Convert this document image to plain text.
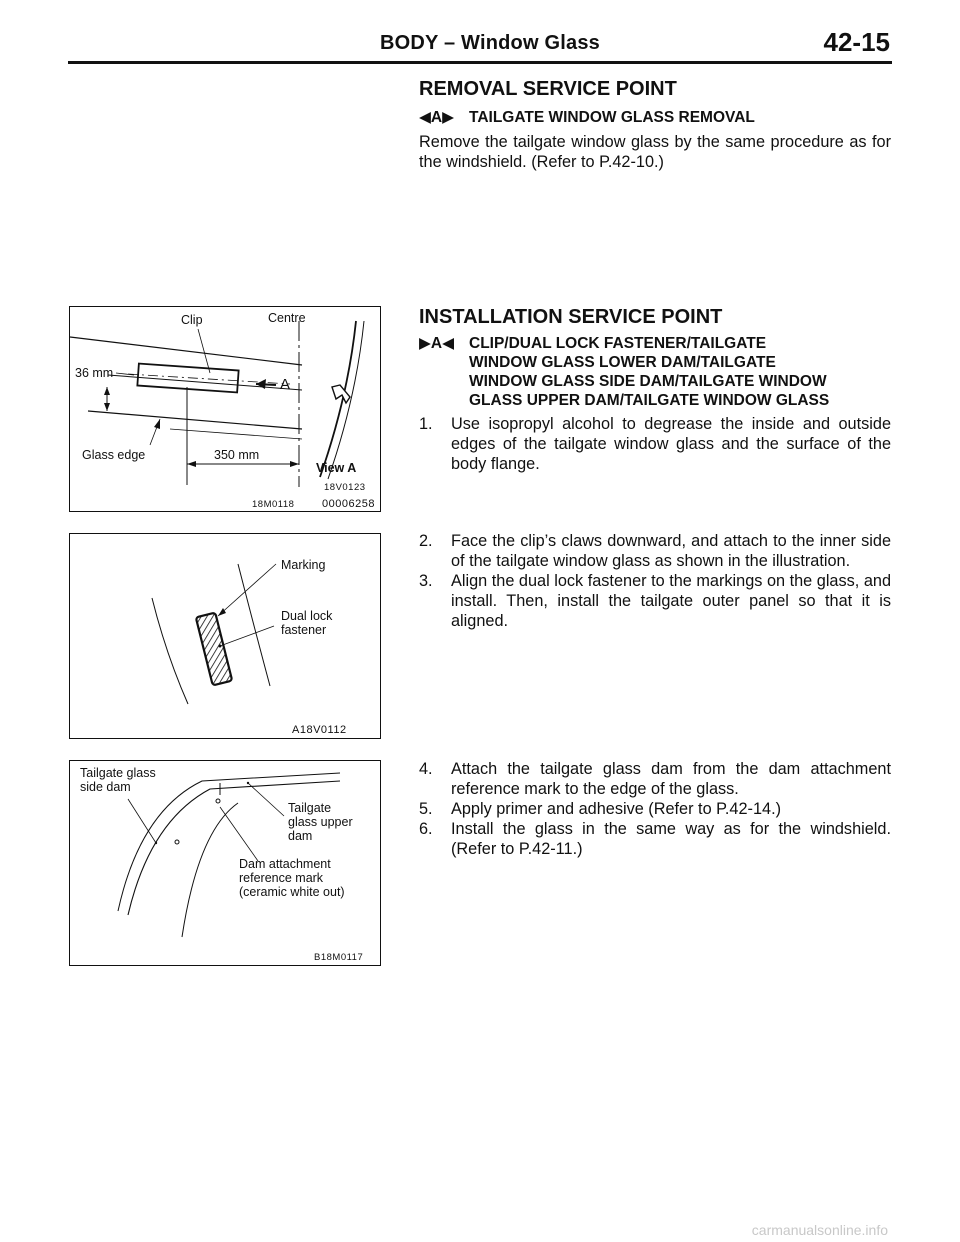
BODY – Window Glass	42-15
REMOVAL SERVICE POINT
◀A▶ TAILGATE WINDOW GLASS REMOVAL
Remove the tailgate window glass by the same procedure as for the windshield. (Refer to P.42-10.)
INSTALLATION SERVICE POINT
▶A◀ CLIP/DUAL LOCK FASTENER/TAILGATE
WINDOW GLASS LOWER DAM/TAILGATE
WINDOW GLASS SIDE DAM/TAILGATE WINDOW
GLASS UPPER DAM/TAILGATE WINDOW GLASS
1. Use isopropyl alcohol to degrease the inside and outside edges of the tailgate window glass and the surface of the body flange.
2. Face the clip’s claws downward, and attach to the inner side of the tailgate window glass as shown in the illustration.
3. Align the dual lock fastener to the markings on the glass, and install. Then, install the tailgate outer panel so that it is aligned.
4. Attach the tailgate glass dam from the dam attachment reference mark to the edge of the glass.
5. Apply primer and adhesive (Refer to P.42-14.)
6. Install the glass in the same way as for the windshield. (Refer to P.42-11.)
Clip	Centre
36 mm
A
Glass edge	350 mm
View A
18V0123
18M0118	00006258
Marking
Dual lock
fastener
A18V0112
Tailgate glass
side dam
Tailgate
glass upper
dam
Dam attachment
reference mark
(ceramic white out)
B18M0117
carmanualsonline.info
